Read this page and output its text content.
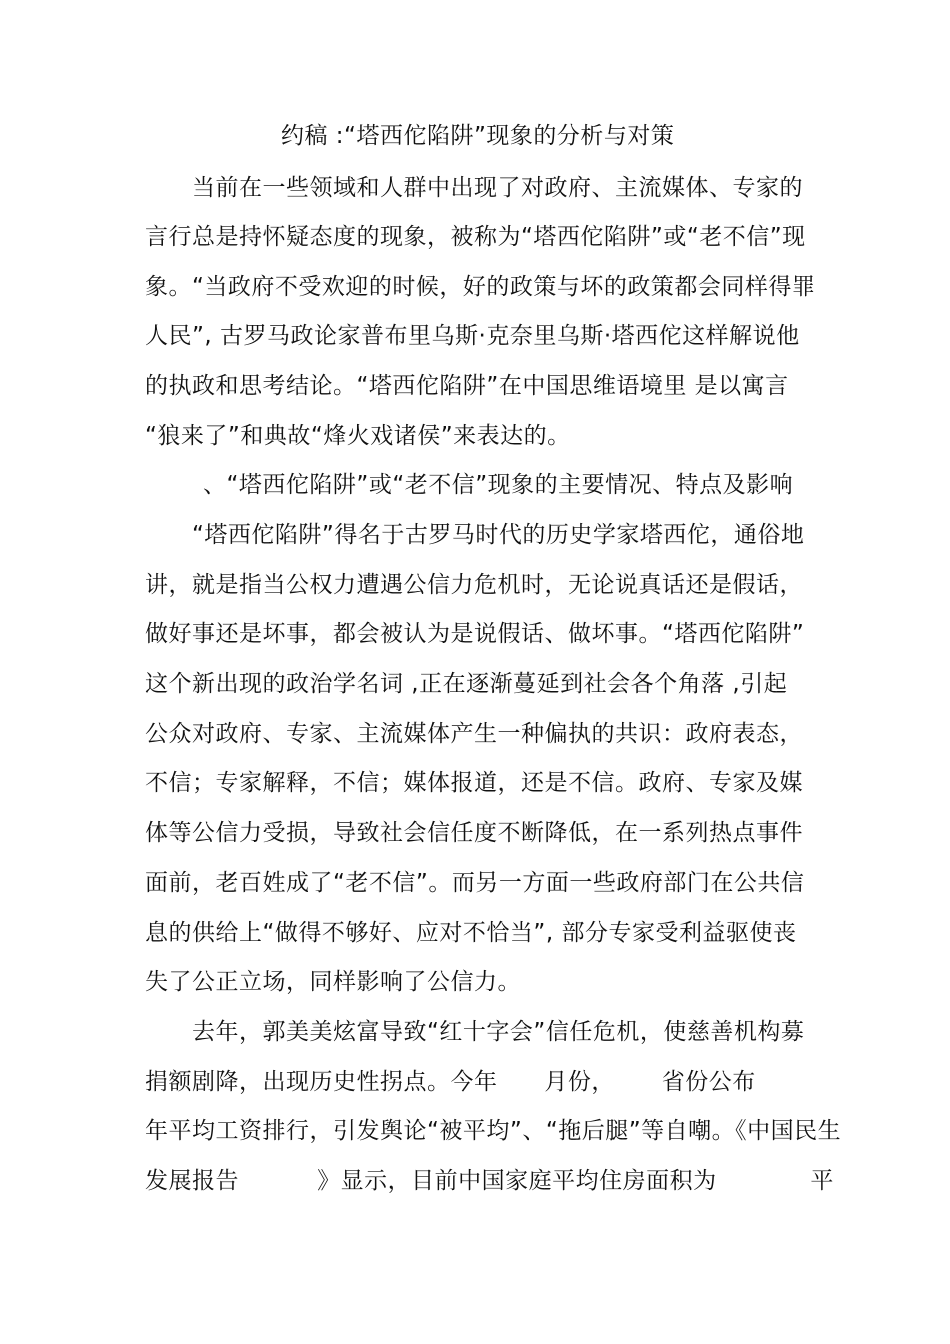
约稿 :“塔西佗陷阱”现象的分析与对策
当前在一些领域和人群中出现了对政府、主流媒体、专家的
言行总是持怀疑态度的现象，被称为“塔西佗陷阱”或“老不信”现
象。“当政府不受欢迎的时候，好的政策与坏的政策都会同样得罪
人民”, 古罗马政论家普布里乌斯·克奈里乌斯·塔西佗这样解说他
的执政和思考结论。“塔西佗陷阱”在中国思维语境里 是以寓言
“狼来了”和典故“烽火戏诸侯”来表达的。
、“塔西佗陷阱”或“老不信”现象的主要情况、特点及影响
“塔西佗陷阱”得名于古罗马时代的历史学家塔西佗，通俗地
讲，就是指当公权力遭遇公信力危机时，无论说真话还是假话，
做好事还是坏事，都会被认为是说假话、做坏事。“塔西佗陷阱”
这个新出现的政治学名词 ,正在逐渐蔓延到社会各个角落 ,引起
公众对政府、专家、主流媒体产生一种偏执的共识：政府表态，
不信；专家解释，不信；媒体报道，还是不信。政府、专家及媒
体等公信力受损，导致社会信任度不断降低，在一系列热点事件
面前，老百姓成了“老不信”。而另一方面一些政府部门在公共信
息的供给上“做得不够好、应对不恰当”, 部分专家受利益驱使丧
失了公正立场，同样影响了公信力。
去年，郭美美炫富导致“红十字会”信任危机，使慈善机构募
捐额剧降，出现历史性拐点。今年      月份，      省份公布
年平均工资排行，引发舆论“被平均”、“拖后腿”等自嘲。《中国民生
发展报告          》显示，目前中国家庭平均住房面积为            平
